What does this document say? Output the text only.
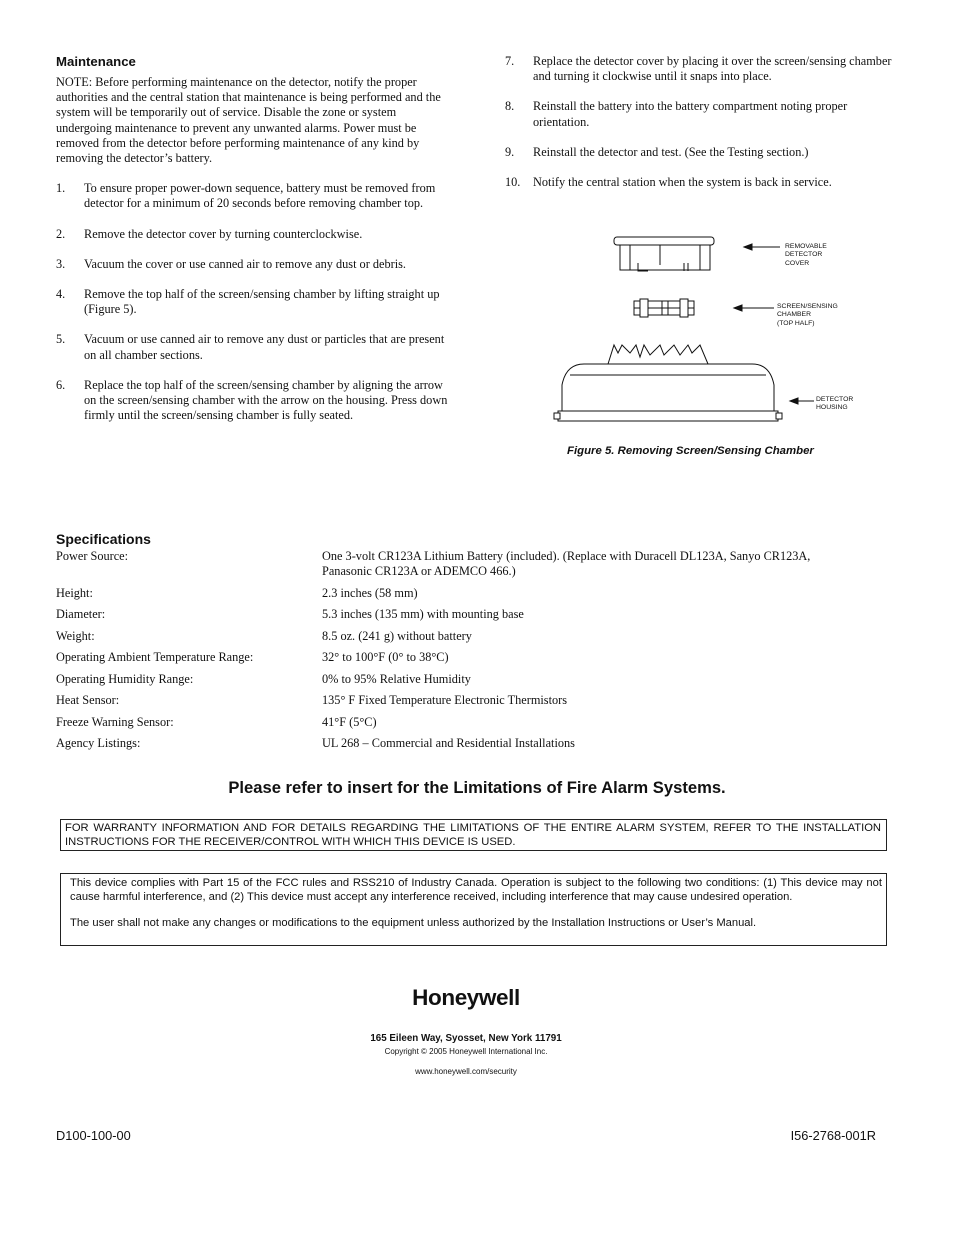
Maintenance

NOTE: Before performing maintenance on the detector, notify the proper authorities and the central station that maintenance is being performed and the system will be temporarily out of service. Disable the zone or system undergoing maintenance to prevent any unwanted alarms. Power must be removed from the detector before performing maintenance of any kind by removing the detector’s battery.

1. To ensure proper power-down sequence, battery must be removed from detector for a minimum of 20 seconds before removing chamber top.
2. Remove the detector cover by turning counterclockwise.
3. Vacuum the cover or use canned air to remove any dust or debris.
4. Remove the top half of the screen/sensing chamber by lifting straight up (Figure 5).
5. Vacuum or use canned air to remove any dust or particles that are present on all chamber sections.
6. Replace the top half of the screen/sensing chamber by aligning the arrow on the screen/sensing chamber with the arrow on the housing. Press down firmly until the screen/sensing chamber is fully seated.
7. Replace the detector cover by placing it over the screen/sensing chamber and turning it clockwise until it snaps into place.
8. Reinstall the battery into the battery compartment noting proper orientation.
9. Reinstall the detector and test. (See the Testing section.)
10. Notify the central station when the system is back in service.
REMOVABLE
DETECTOR
COVER
SCREEN/SENSING
CHAMBER
(TOP HALF)
DETECTOR
HOUSING
Figure 5. Removing Screen/Sensing Chamber
Specifications
Power Source:	One 3-volt CR123A Lithium Battery (included). (Replace with Duracell DL123A, Sanyo CR123A, Panasonic CR123A or ADEMCO 466.)
Height:	2.3 inches (58 mm)
Diameter:	5.3 inches (135 mm) with mounting base
Weight:	8.5 oz. (241 g) without battery
Operating Ambient Temperature Range:	32° to 100°F (0° to 38°C)
Operating Humidity Range:	0% to 95% Relative Humidity
Heat Sensor:	135° F Fixed Temperature Electronic Thermistors
Freeze Warning Sensor:	41°F (5°C)
Agency Listings:	UL 268 – Commercial and Residential Installations
Please refer to insert for the Limitations of Fire Alarm Systems.
FOR WARRANTY INFORMATION AND FOR DETAILS REGARDING THE LIMITATIONS OF THE ENTIRE ALARM SYSTEM, REFER TO THE INSTALLATION INSTRUCTIONS FOR THE RECEIVER/CONTROL WITH WHICH THIS DEVICE IS USED.

This device complies with Part 15 of the FCC rules and RSS210 of Industry Canada. Operation is subject to the following two conditions: (1) This device may not cause harmful interference, and (2) This device must accept any interference received, including interference that may cause undesired operation.

The user shall not make any changes or modifications to the equipment unless authorized by the Installation Instructions or User’s Manual.

Honeywell
165 Eileen Way, Syosset, New York 11791
Copyright © 2005 Honeywell International Inc.
www.honeywell.com/security
D100-100-00	I56-2768-001R
